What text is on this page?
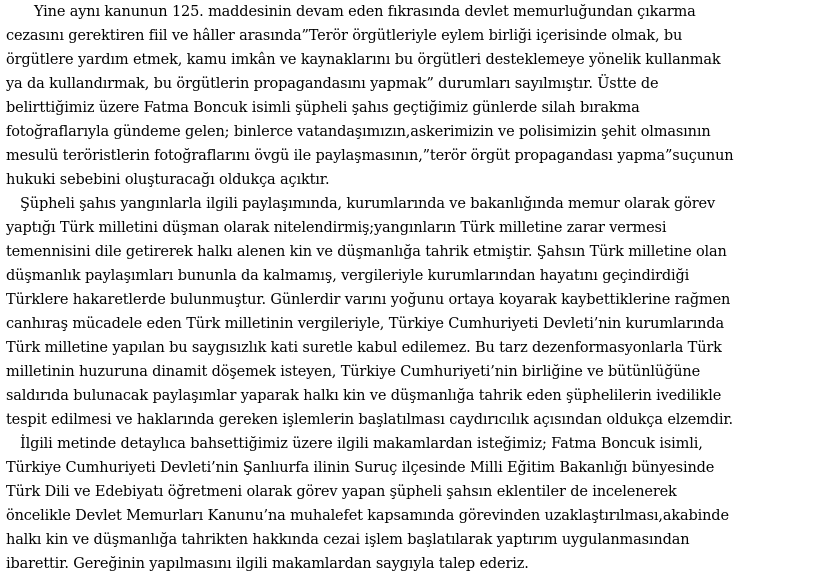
Yine aynı kanunun 125. maddesinin devam eden fıkrasında devlet memurluğundan çıkarma
cezasını gerektiren fiil ve hâller arasında”Terör örgütleriyle eylem birliği içerisinde olmak, bu
örgütlere yardım etmek, kamu imkân ve kaynaklarını bu örgütleri desteklemeye yönelik kullanmak
ya da kullandırmak, bu örgütlerin propagandasını yapmak” durumları sayılmıştır. Üstte de
belirttiğimiz üzere Fatma Boncuk isimli şüpheli şahıs geçtiğimiz günlerde silah bırakma
fotoğraflarıyla gündeme gelen; binlerce vatandaşımızın,askerimizin ve polisimizin şehit olmasının
mesulü teröristlerin fotoğraflarını övgü ile paylaşmasının,”terör örgüt propagandası yapma”suçunun
hukuki sebebini oluşturacağı oldukça açıktır.
Şüpheli şahıs yangınlarla ilgili paylaşımında, kurumlarında ve bakanlığında memur olarak görev
yaptığı Türk milletini düşman olarak nitelendirmiş;yangınların Türk milletine zarar vermesi
temennisini dile getirerek halkı alenen kin ve düşmanlığa tahrik etmiştir. Şahsın Türk milletine olan
düşmanlık paylaşımları bununla da kalmamış, vergileriyle kurumlarından hayatını geçindirdiği
Türklere hakaretlerde bulunmuştur. Günlerdir varını yoğunu ortaya koyarak kaybettiklerine rağmen
canhıraş mücadele eden Türk milletinin vergileriyle, Türkiye Cumhuriyeti Devleti’nin kurumlarında
Türk milletine yapılan bu saygısızlık kati suretle kabul edilemez. Bu tarz dezenformasyonlarla Türk
milletinin huzuruna dinamit döşemek isteyen, Türkiye Cumhuriyeti’nin birliğine ve bütünlüğüne
saldırıda bulunacak paylaşımlar yaparak halkı kin ve düşmanlığa tahrik eden şüphelilerin ivedilikle
tespit edilmesi ve haklarında gereken işlemlerin başlatılması caydırıcılık açısından oldukça elzemdir.
İlgili metinde detaylıca bahsettiğimiz üzere ilgili makamlardan isteğimiz; Fatma Boncuk isimli,
Türkiye Cumhuriyeti Devleti’nin Şanlıurfa ilinin Suruç ilçesinde Milli Eğitim Bakanlığı bünyesinde
Türk Dili ve Edebiyatı öğretmeni olarak görev yapan şüpheli şahsın eklentiler de incelenerek
öncelikle Devlet Memurları Kanunu’na muhalefet kapsamında görevinden uzaklaştırılması,akabinde
halkı kin ve düşmanlığa tahrikten hakkında cezai işlem başlatılarak yaptırım uygulanmasından
ibarettir. Gereğinin yapılmasını ilgili makamlardan saygıyla talep ederiz.
